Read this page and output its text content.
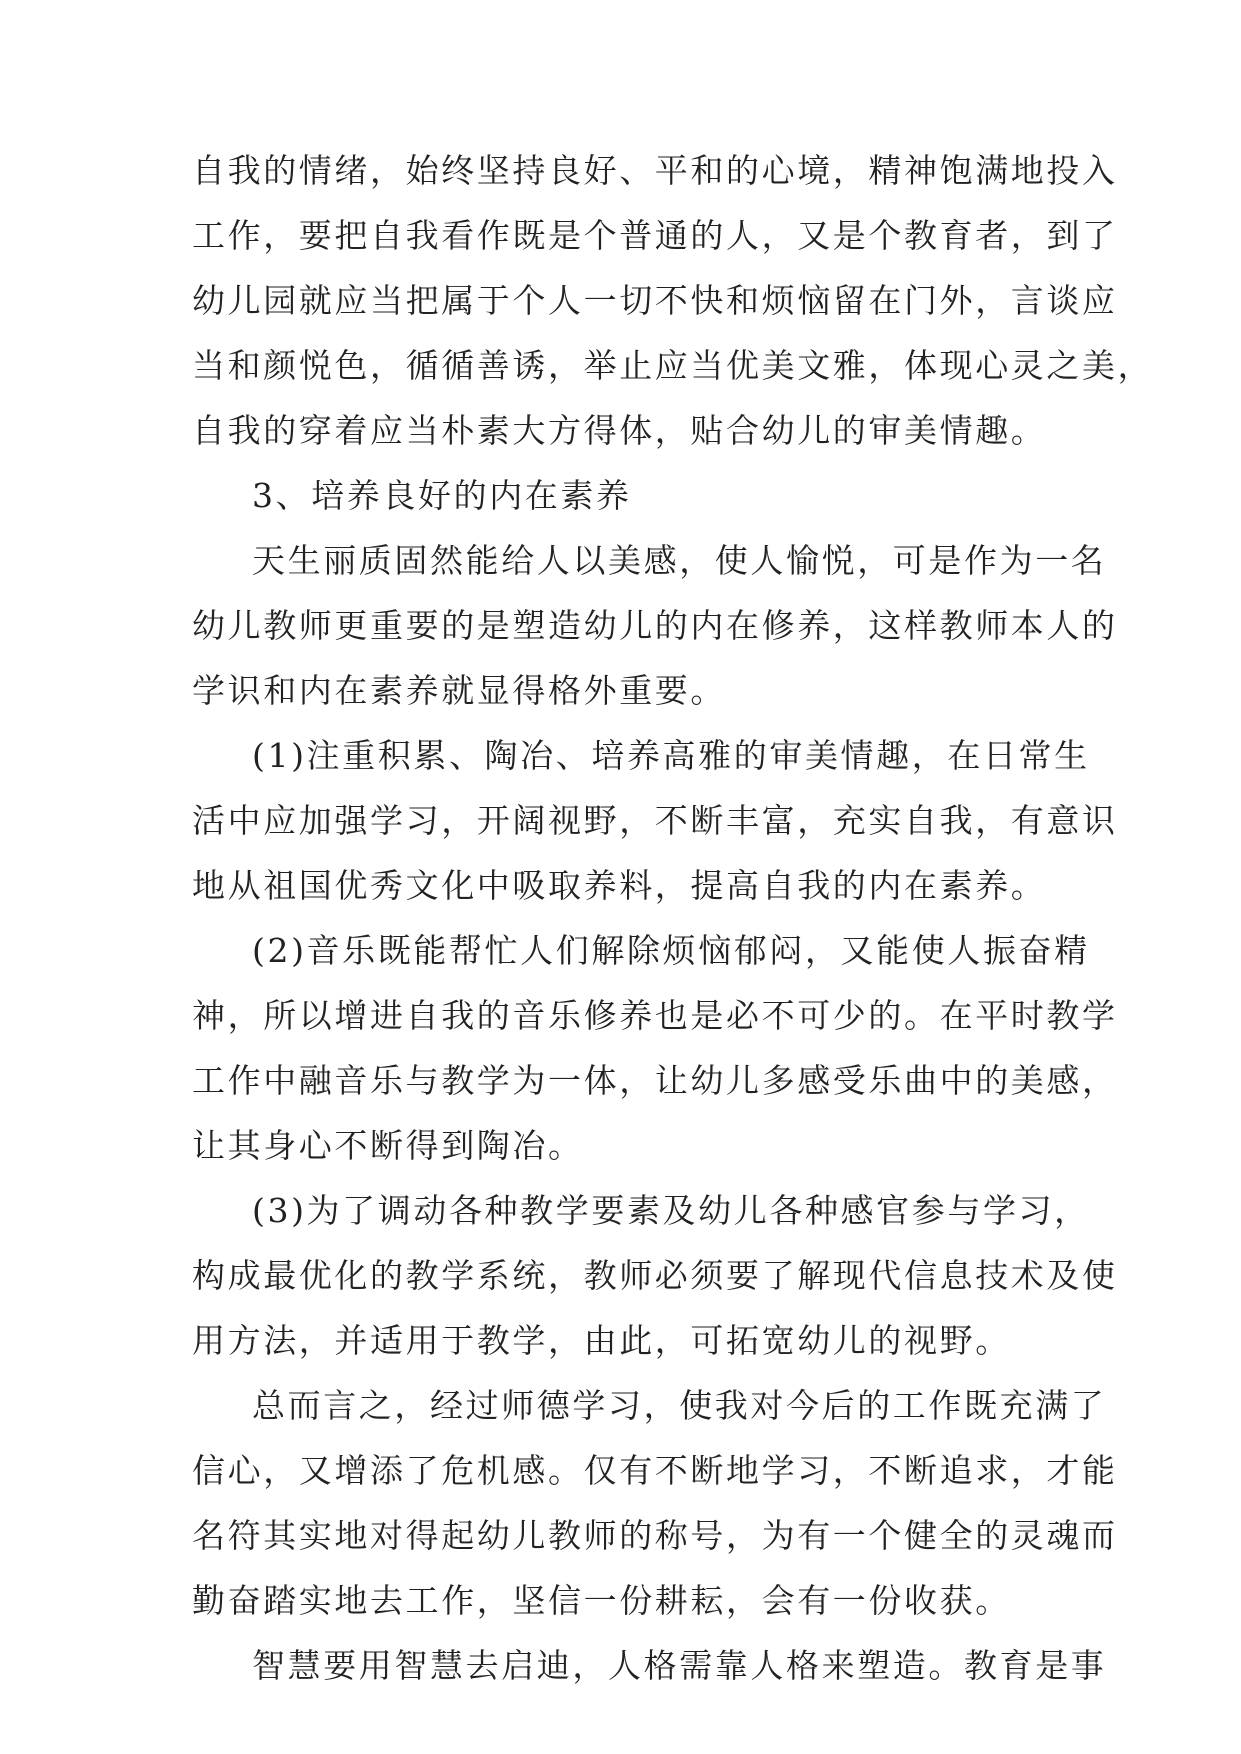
自我的情绪，始终坚持良好、平和的心境，精神饱满地投入
工作，要把自我看作既是个普通的人，又是个教育者，到了
幼儿园就应当把属于个人一切不快和烦恼留在门外，言谈应
当和颜悦色，循循善诱，举止应当优美文雅，体现心灵之美，
自我的穿着应当朴素大方得体，贴合幼儿的审美情趣。
3、培养良好的内在素养
天生丽质固然能给人以美感，使人愉悦，可是作为一名
幼儿教师更重要的是塑造幼儿的内在修养，这样教师本人的
学识和内在素养就显得格外重要。
(1)注重积累、陶冶、培养高雅的审美情趣，在日常生
活中应加强学习，开阔视野，不断丰富，充实自我，有意识
地从祖国优秀文化中吸取养料，提高自我的内在素养。
(2)音乐既能帮忙人们解除烦恼郁闷，又能使人振奋精
神，所以增进自我的音乐修养也是必不可少的。在平时教学
工作中融音乐与教学为一体，让幼儿多感受乐曲中的美感，
让其身心不断得到陶冶。
(3)为了调动各种教学要素及幼儿各种感官参与学习，
构成最优化的教学系统，教师必须要了解现代信息技术及使
用方法，并适用于教学，由此，可拓宽幼儿的视野。
总而言之，经过师德学习，使我对今后的工作既充满了
信心，又增添了危机感。仅有不断地学习，不断追求，才能
名符其实地对得起幼儿教师的称号，为有一个健全的灵魂而
勤奋踏实地去工作，坚信一份耕耘，会有一份收获。
智慧要用智慧去启迪，人格需靠人格来塑造。教育是事
